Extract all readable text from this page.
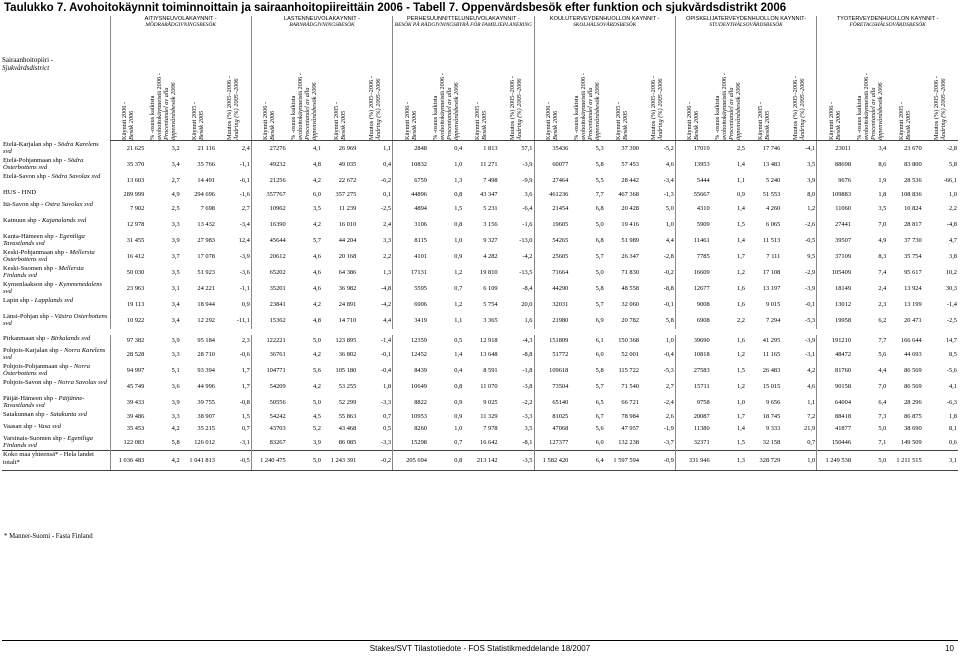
Taulukko 7. Avohoitokäynnit toiminnoittain ja sairaanhoitopiireittäin 2006 - Tabell 7. Öppenvårdsbesök efter funktion och sjukvårdsdistrikt 2006
Sairaanhoitopiiri -
Sjukvårdsdistrict	ÄITIYSNEUVOLAKÄYNNIT -
MÖDRARÅDGIVNINGSBESÖK				LASTENNEUVOLAKÄYNNIT -
BARNRÅDGIVNINGSBESÖK				PERHESUUNNITTELUNEUVOLAKÄYNNIT -
BESÖK PÅ RÅDGIVNINGSBYRÅ FÖR FAMILJEPLANERING				KOULUTERVEYDENHUOLLON KÄYNNIT -
SKOLHÄLSOVÅRDSBESÖK				OPISKELIJATERVEYDENHUOLLON KÄYNNIT-
STUDENTHÄLSOVÅRDSBESÖK				TYÖTERVEYDENHUOLLON KÄYNNIT -
FÖRETAGSHÄLSOVÅRDSBESÖK			

	Käynnit 2006 -
Besök 2006	% -osuus kaikista avohoitokäynneistä 2006 -
Procentandel av alla öppenvårdsbesök 2006	Käynnit 2005 -
Besök 2005	Muutos (%) 2005–2006 -
Ändring (%) 2005–2006	Käynnit 2006 -
Besök 2006	% -osuus kaikista avohoitokäynneistä 2006 -
Procentandel av alla öppenvårdsbesök 2006	Käynnit 2005 -
Besök 2005	Muutos (%) 2005–2006 -
Ändring (%) 2005–2006	Käynnit 2006 -
Besök 2006	% -osuus kaikista avohoitokäynneistä 2006 -
Procentandel av alla öppenvårdsbesök 2006	Käynnit 2005 -
Besök 2005	Muutos (%) 2005–2006 -
Ändring (%) 2005–2006	Käynnit 2006 -
Besök 2006	% -osuus kaikista avohoitokäynneistä 2006 -
Procentandel av alla öppenvårdsbesök 2006	Käynnit 2005 -
Besök 2005	Muutos (%) 2005–2006 -
Ändring (%) 2005–2006	Käynnit 2006 -
Besök 2006	% -osuus kaikista avohoitokäynneistä 2006 -
Procentandel av alla öppenvårdsbesök 2006	Käynnit 2005 -
Besök 2005	Muutos (%) 2005–2006 -
Ändring (%) 2005–2006	Käynnit 2006 -
Besök 2006	% -osuus kaikista avohoitokäynneistä 2006 -
Procentandel av alla öppenvårdsbesök 2006	Käynnit 2005 -
Besök 2005	Muutos (%) 2005–2006 -
Ändring (%) 2005–2006

Etelä-Karjalan shp - Södra Karelens svd	21 625	3,2	21 116	2,4	27276	4,1	26 969	1,1	2848	0,4	1 813	57,1	35436	5,3	37 390	-5,2	17019	2,5	17 746	-4,1	23011	3,4	23 670	-2,8
Etelä-Pohjanmaan shp - Södra Österbottens svd	35 370	3,4	35 766	-1,1	49232	4,8	49 035	0,4	10832	1,0	11 271	-3,9	60077	5,8	57 453	4,6	13953	1,4	13 483	3,5	88698	8,6	83 800	5,8
Etelä-Savon shp - Södra Savolax svd	13 603	2,7	14 491	-6,1	21256	4,2	22 672	-6,2	6759	1,3	7 498	-9,9	27464	5,5	28 442	-3,4	5444	1,1	5 240	3,9	9676	1,9	28 536	-66,1
HUS - HND	289 999	4,9	294 696	-1,6	357767	6,0	357 275	0,1	44896	0,8	43 347	3,6	461236	7,7	467 368	-1,3	55667	0,9	51 553	8,0	109883	1,8	108 836	1,0
Itä-Savon shp - Östra Savolax svd	7 902	2,5	7 698	2,7	10962	3,5	11 239	-2,5	4894	1,5	5 231	-6,4	21454	6,8	20 428	5,0	4310	1,4	4 260	1,2	11060	3,5	10 824	2,2
Kainuun shp - Kajanalands svd	12 978	3,3	13 432	-3,4	16390	4,2	16 010	2,4	3106	0,8	3 156	-1,6	19605	5,0	19 416	1,0	5909	1,5	6 065	-2,6	27441	7,0	28 817	-4,8
Kanta-Hämeen shp - Egentliga Tavastlands svd	31 455	3,9	27 983	12,4	45644	5,7	44 204	3,3	8115	1,0	9 327	-13,0	54265	6,8	51 989	4,4	11461	1,4	11 513	-0,5	39507	4,9	37 730	4,7
Keski-Pohjanmaan shp - Mellersta Österbottens svd	16 412	3,7	17 078	-3,9	20612	4,6	20 168	2,2	4101	0,9	4 282	-4,2	25605	5,7	26 347	-2,8	7785	1,7	7 111	9,5	37109	8,3	35 754	3,8
Keski-Suomen shp - Mellersta Finlands svd	50 030	3,5	51 923	-3,6	65202	4,6	64 386	1,3	17131	1,2	19 810	-13,5	71664	5,0	71 830	-0,2	16609	1,2	17 108	-2,9	105409	7,4	95 617	10,2
Kymenlaakson shp - Kymmenedalens svd	23 963	3,1	24 221	-1,1	35201	4,6	36 982	-4,8	5595	0,7	6 109	-8,4	44290	5,8	48 558	-8,8	12677	1,6	13 197	-3,9	18149	2,4	13 924	30,3
Lapin shp - Lapplands svd	19 113	3,4	18 944	0,9	23841	4,2	24 891	-4,2	6906	1,2	5 754	20,0	32031	5,7	32 060	-0,1	9008	1,6	9 015	-0,1	13012	2,3	13 199	-1,4
Länsi-Pohjan shp - Västra Österbottens svd	10 922	3,4	12 292	-11,1	15362	4,8	14 710	4,4	3419	1,1	3 365	1,6	21980	6,9	20 782	5,8	6908	2,2	7 294	-5,3	19958	6,2	20 471	-2,5

Pirkanmaan shp - Birkalands svd	97 382	3,9	95 184	2,3	122221	5,0	123 895	-1,4	12359	0,5	12 918	-4,3	151809	6,1	150 368	1,0	39690	1,6	41 295	-3,9	191210	7,7	166 644	14,7
Pohjois-Karjalan shp - Norra Karelens svd	28 528	3,3	28 710	-0,6	36761	4,2	36 802	-0,1	12452	1,4	13 648	-8,8	51772	6,0	52 001	-0,4	10818	1,2	11 165	-3,1	48472	5,6	44 693	8,5
Pohjois-Pohjanmaan shp - Norra Österbottens svd	94 997	5,1	93 394	1,7	104771	5,6	105 180	-0,4	8439	0,4	8 591	-1,8	109618	5,8	115 722	-5,3	27583	1,5	26 483	4,2	81760	4,4	86 569	-5,6
Pohjois-Savon shp - Norra Savolax svd	45 749	3,6	44 996	1,7	54209	4,2	53 255	1,8	10649	0,8	11 070	-3,8	73504	5,7	71 540	2,7	15711	1,2	15 015	4,6	90158	7,0	86 569	4,1
Päijät-Hämeen shp - Päijänne-Tavastlands svd	39 433	3,9	39 755	-0,8	50556	5,0	52 299	-3,3	8822	0,9	9 025	-2,2	65140	6,5	66 721	-2,4	9758	1,0	9 656	1,1	64004	6,4	28 296	-6,3
Satakunnan shp - Satakunta svd	39 486	3,3	38 907	1,5	54242	4,5	55 863	0,7	10953	0,9	11 329	-3,3	81025	6,7	78 984	2,6	20087	1,7	18 745	7,2	88418	7,3	86 875	1,8
Vaasan shp - Vasa svd	35 453	4,2	35 215	0,7	43703	5,2	43 468	0,5	8260	1,0	7 978	3,5	47068	5,6	47 957	-1,9	11380	1,4	9 333	21,9	41877	5,0	38 690	8,1
Varsinais-Suomen shp - Egentliga Finlands svd	122 083	5,8	126 012	-3,1	83267	3,9	86 085	-3,3	15298	0,7	16 642	-8,1	127377	6,0	132 238	-3,7	32371	1,5	32 158	0,7	150446	7,1	149 509	0,6
Koko maa yhteensä* - Hela landet totalt*	1 036 483	4,2	1 041 813	-0,5	1 240 475	5,0	1 243 391	-0,2	205 694	0,8	213 142	-3,5	1 582 420	6,4	1 597 594	-0,9	331 946	1,3	328 729	1,0	1 249 538	5,0	1 211 515	3,1
* Manner-Suomi - Fasta Finland
Stakes/SVT Tilastotiedote - FOS Statistikmeddelande 18/2007	10
